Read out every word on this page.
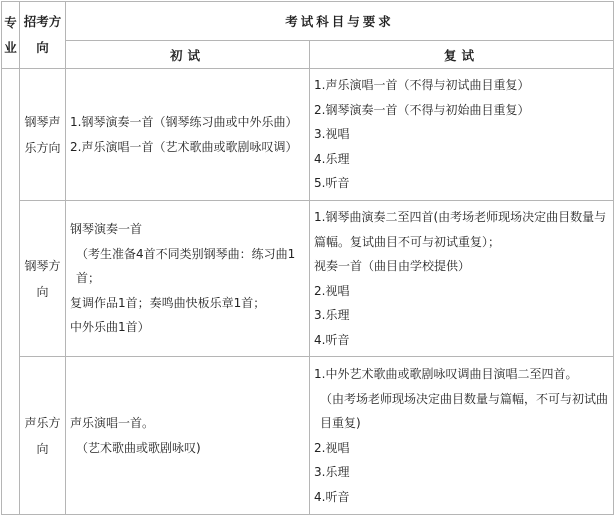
专业	招考方向	考试科目与要求	
		初试	复试

	钢琴声乐方向	1.钢琴演奏一首（钢琴练习曲或中外乐曲）
2.声乐演唱一首（艺术歌曲或歌剧咏叹调）	1.声乐演唱一首（不得与初试曲目重复）
2.钢琴演奏一首（不得与初始曲目重复）
3.视唱
4.乐理
5.听音

	钢琴方向	钢琴演奏一首
（考生准备4首不同类别钢琴曲：练习曲1首；
复调作品1首；奏鸣曲快板乐章1首；
中外乐曲1首）	1.钢琴曲演奏二至四首(由考场老师现场决定曲目数量与篇幅。复试曲目不可与初试重复）；
视奏一首（曲目由学校提供）
2.视唱
3.乐理
4.听音

	声乐方向	声乐演唱一首。
（艺术歌曲或歌剧咏叹)	1.中外艺术歌曲或歌剧咏叹调曲目演唱二至四首。
（由考场老师现场决定曲目数量与篇幅，不可与初试曲目重复)
2.视唱
3.乐理
4.听音
